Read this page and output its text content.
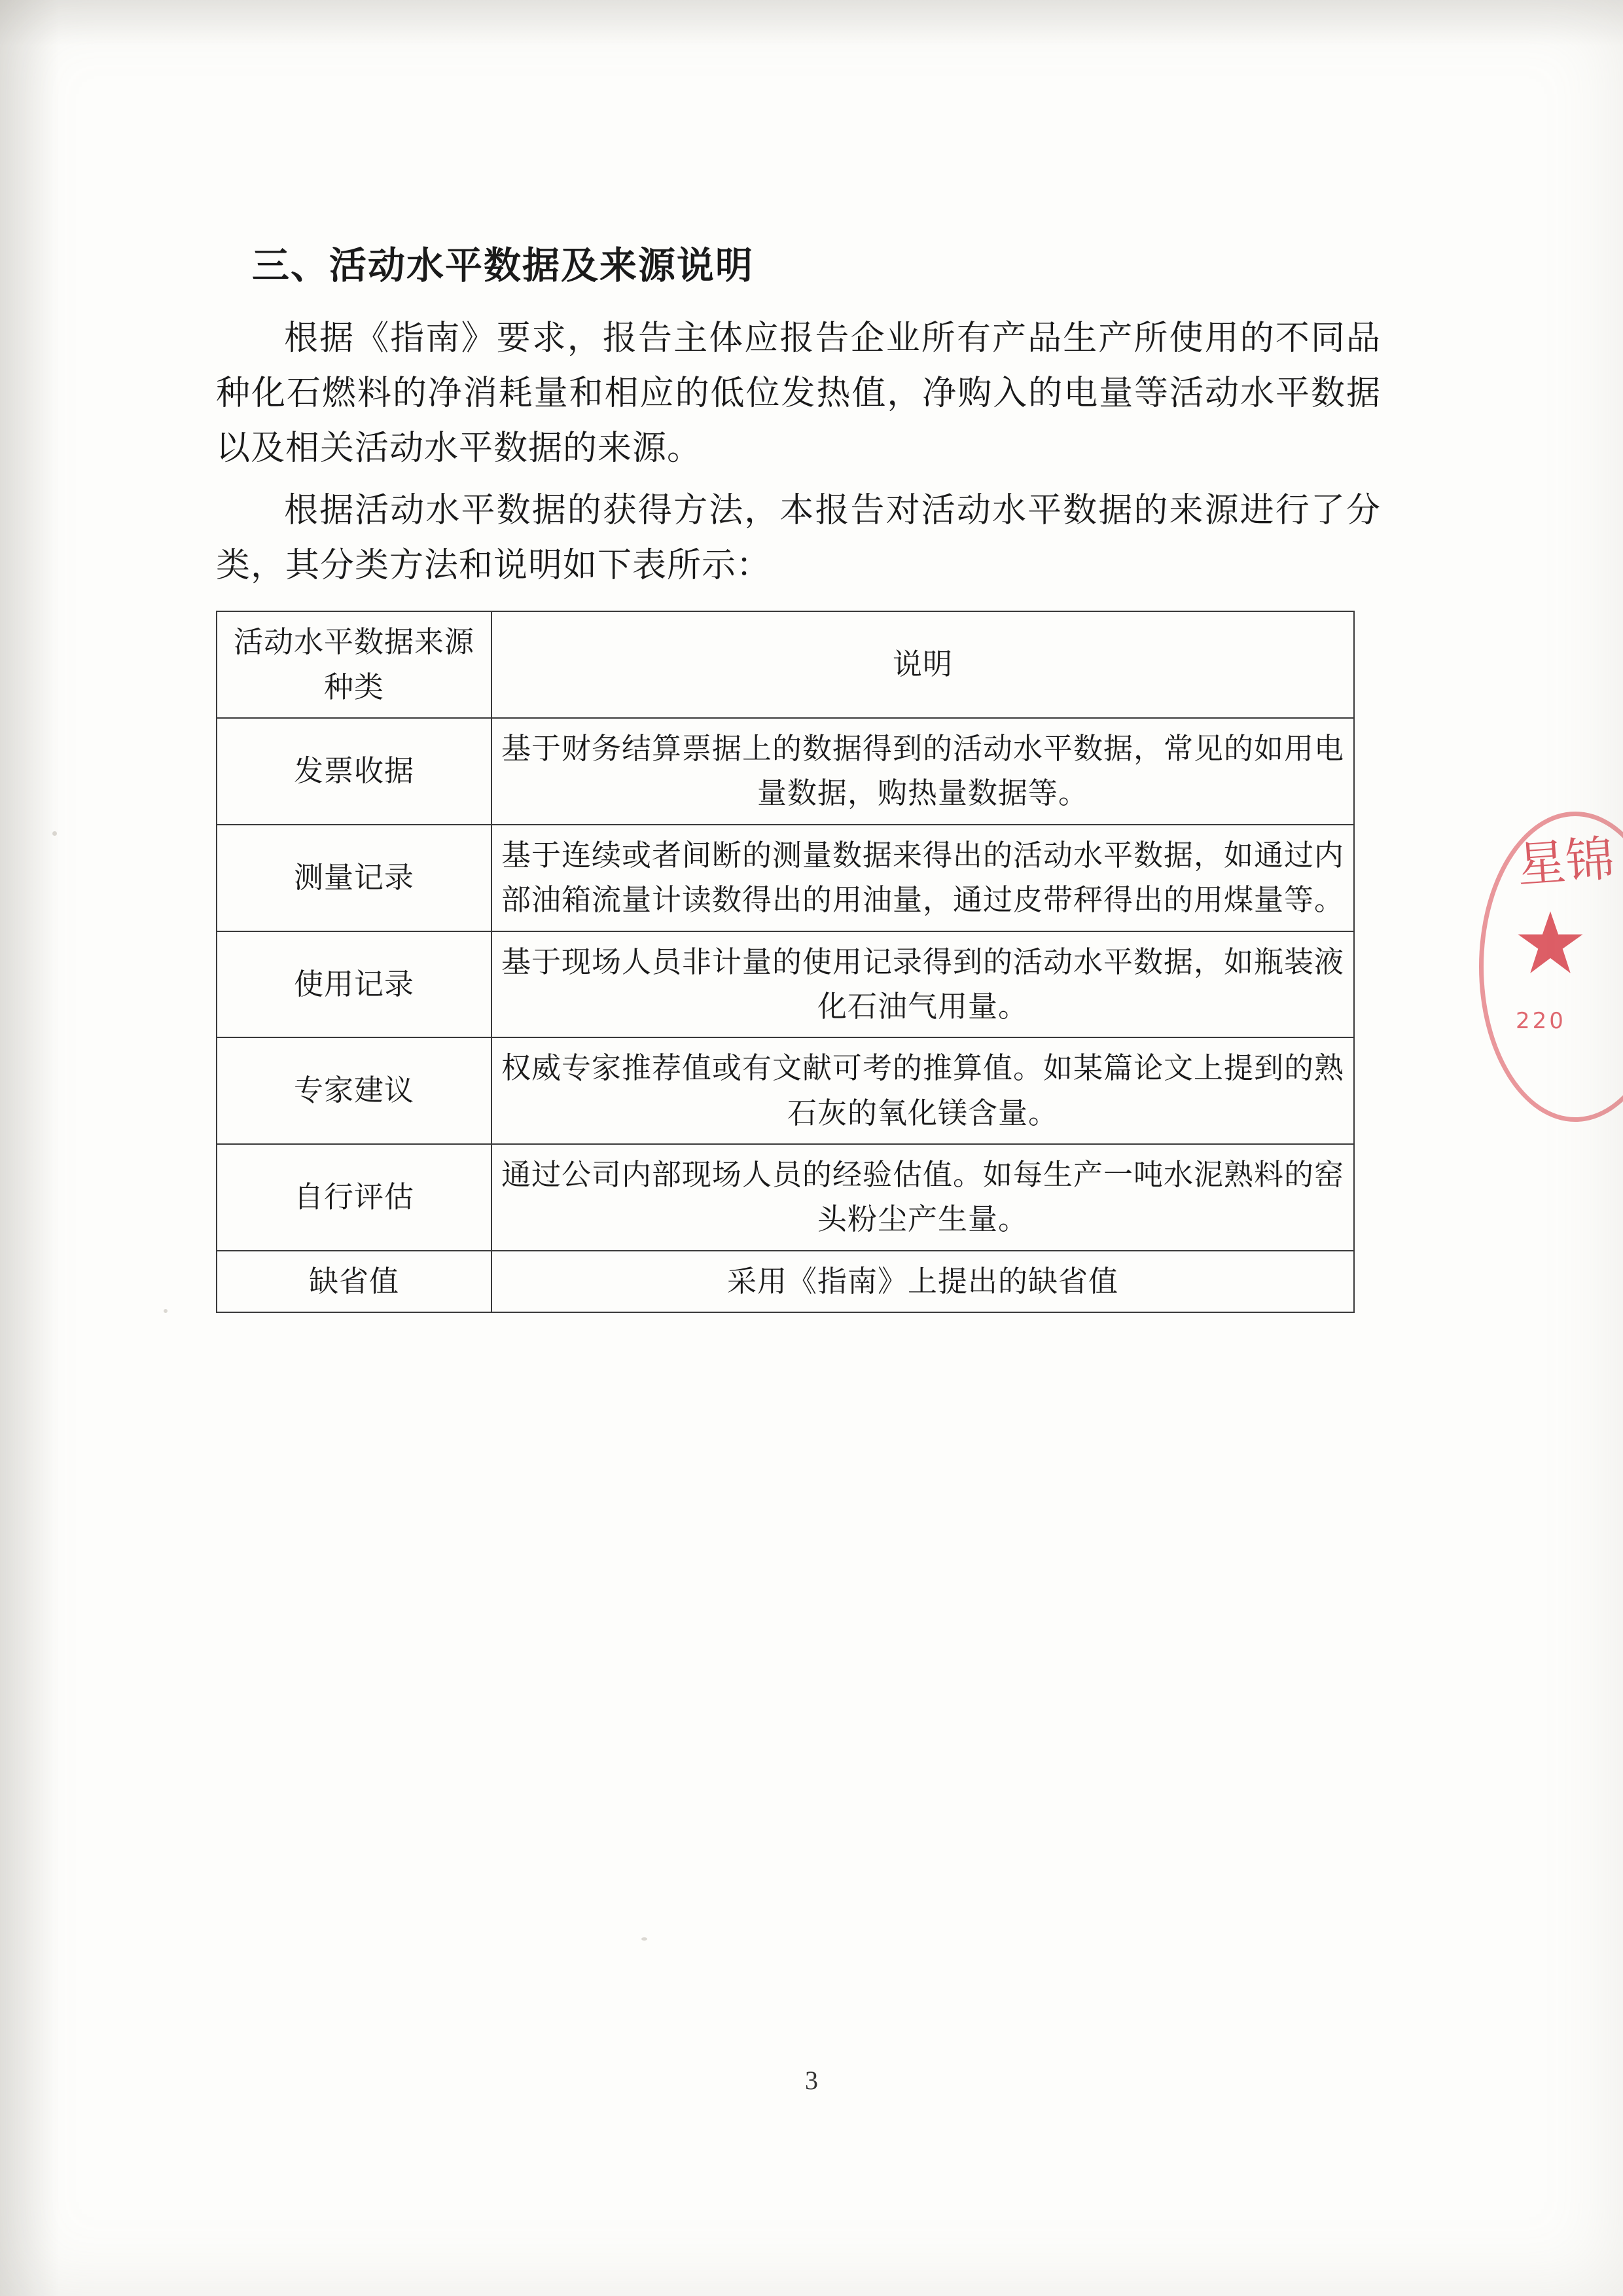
三、活动水平数据及来源说明

根据《指南》要求，报告主体应报告企业所有产品生产所使用的不同品种化石燃料的净消耗量和相应的低位发热值，净购入的电量等活动水平数据以及相关活动水平数据的来源。

根据活动水平数据的获得方法，本报告对活动水平数据的来源进行了分类，其分类方法和说明如下表所示：

活动水平数据来源种类	说明
发票收据	基于财务结算票据上的数据得到的活动水平数据，常见的如用电量数据，购热量数据等。
测量记录	基于连续或者间断的测量数据来得出的活动水平数据，如通过内部油箱流量计读数得出的用油量，通过皮带秤得出的用煤量等。
使用记录	基于现场人员非计量的使用记录得到的活动水平数据，如瓶装液化石油气用量。
专家建议	权威专家推荐值或有文献可考的推算值。如某篇论文上提到的熟石灰的氧化镁含量。
自行评估	通过公司内部现场人员的经验估值。如每生产一吨水泥熟料的窑头粉尘产生量。
缺省值	采用《指南》上提出的缺省值
星锦
220
3
